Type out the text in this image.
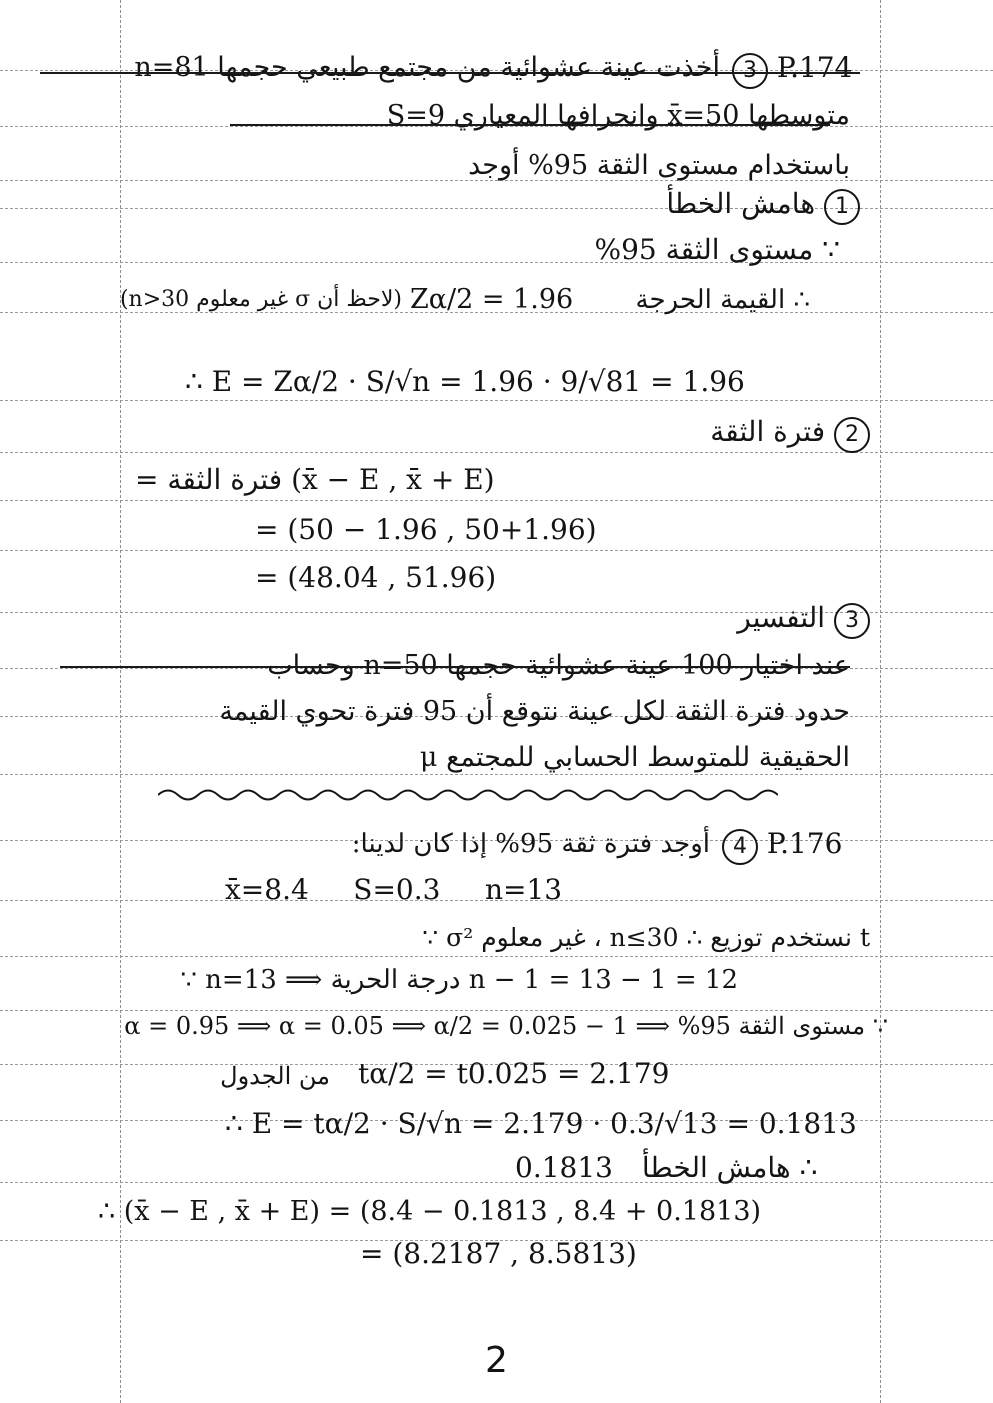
3 P.174
أخذت عينة عشوائية من مجتمع طبيعي حجمها n=81
متوسطها x̄=50 وانحرافها المعياري S=9
باستخدام مستوى الثقة 95% أوجد
1 هامش الخطأ
∵ مستوى الثقة 95%
∴ القيمة الحرجة
Zα/2 = 1.96
(لاحظ أن σ غير معلوم n>30)
∴ E = Zα/2 · S/√n = 1.96 · 9/√81 = 1.96
2 فترة الثقة
فترة الثقة = (x̄ − E , x̄ + E)
= (50 − 1.96 , 50+1.96)
= (48.04 , 51.96)
3 التفسير
عند اختيار 100 عينة عشوائية حجمها n=50 وحساب
حدود فترة الثقة لكل عينة نتوقع أن 95 فترة تحوي القيمة
الحقيقية للمتوسط الحسابي للمجتمع μ
4 P.176
أوجد فترة ثقة 95% إذا كان لدينا:
x̄=8.4     S=0.3     n=13
∵ σ² غير معلوم ، n≤30 ∴ نستخدم توزيع t
∵ n=13 ⟹ درجة الحرية n − 1 = 13 − 1 = 12
∵ مستوى الثقة 95% ⟹ 1 − α = 0.95 ⟹ α = 0.05 ⟹ α/2 = 0.025
من الجدول tα/2 = t0.025 = 2.179
∴ E = tα/2 · S/√n = 2.179 · 0.3/√13 = 0.1813
0.1813 ∴ هامش الخطأ
∴ (x̄ − E , x̄ + E) = (8.4 − 0.1813 , 8.4 + 0.1813)
= (8.2187 , 8.5813)
2
